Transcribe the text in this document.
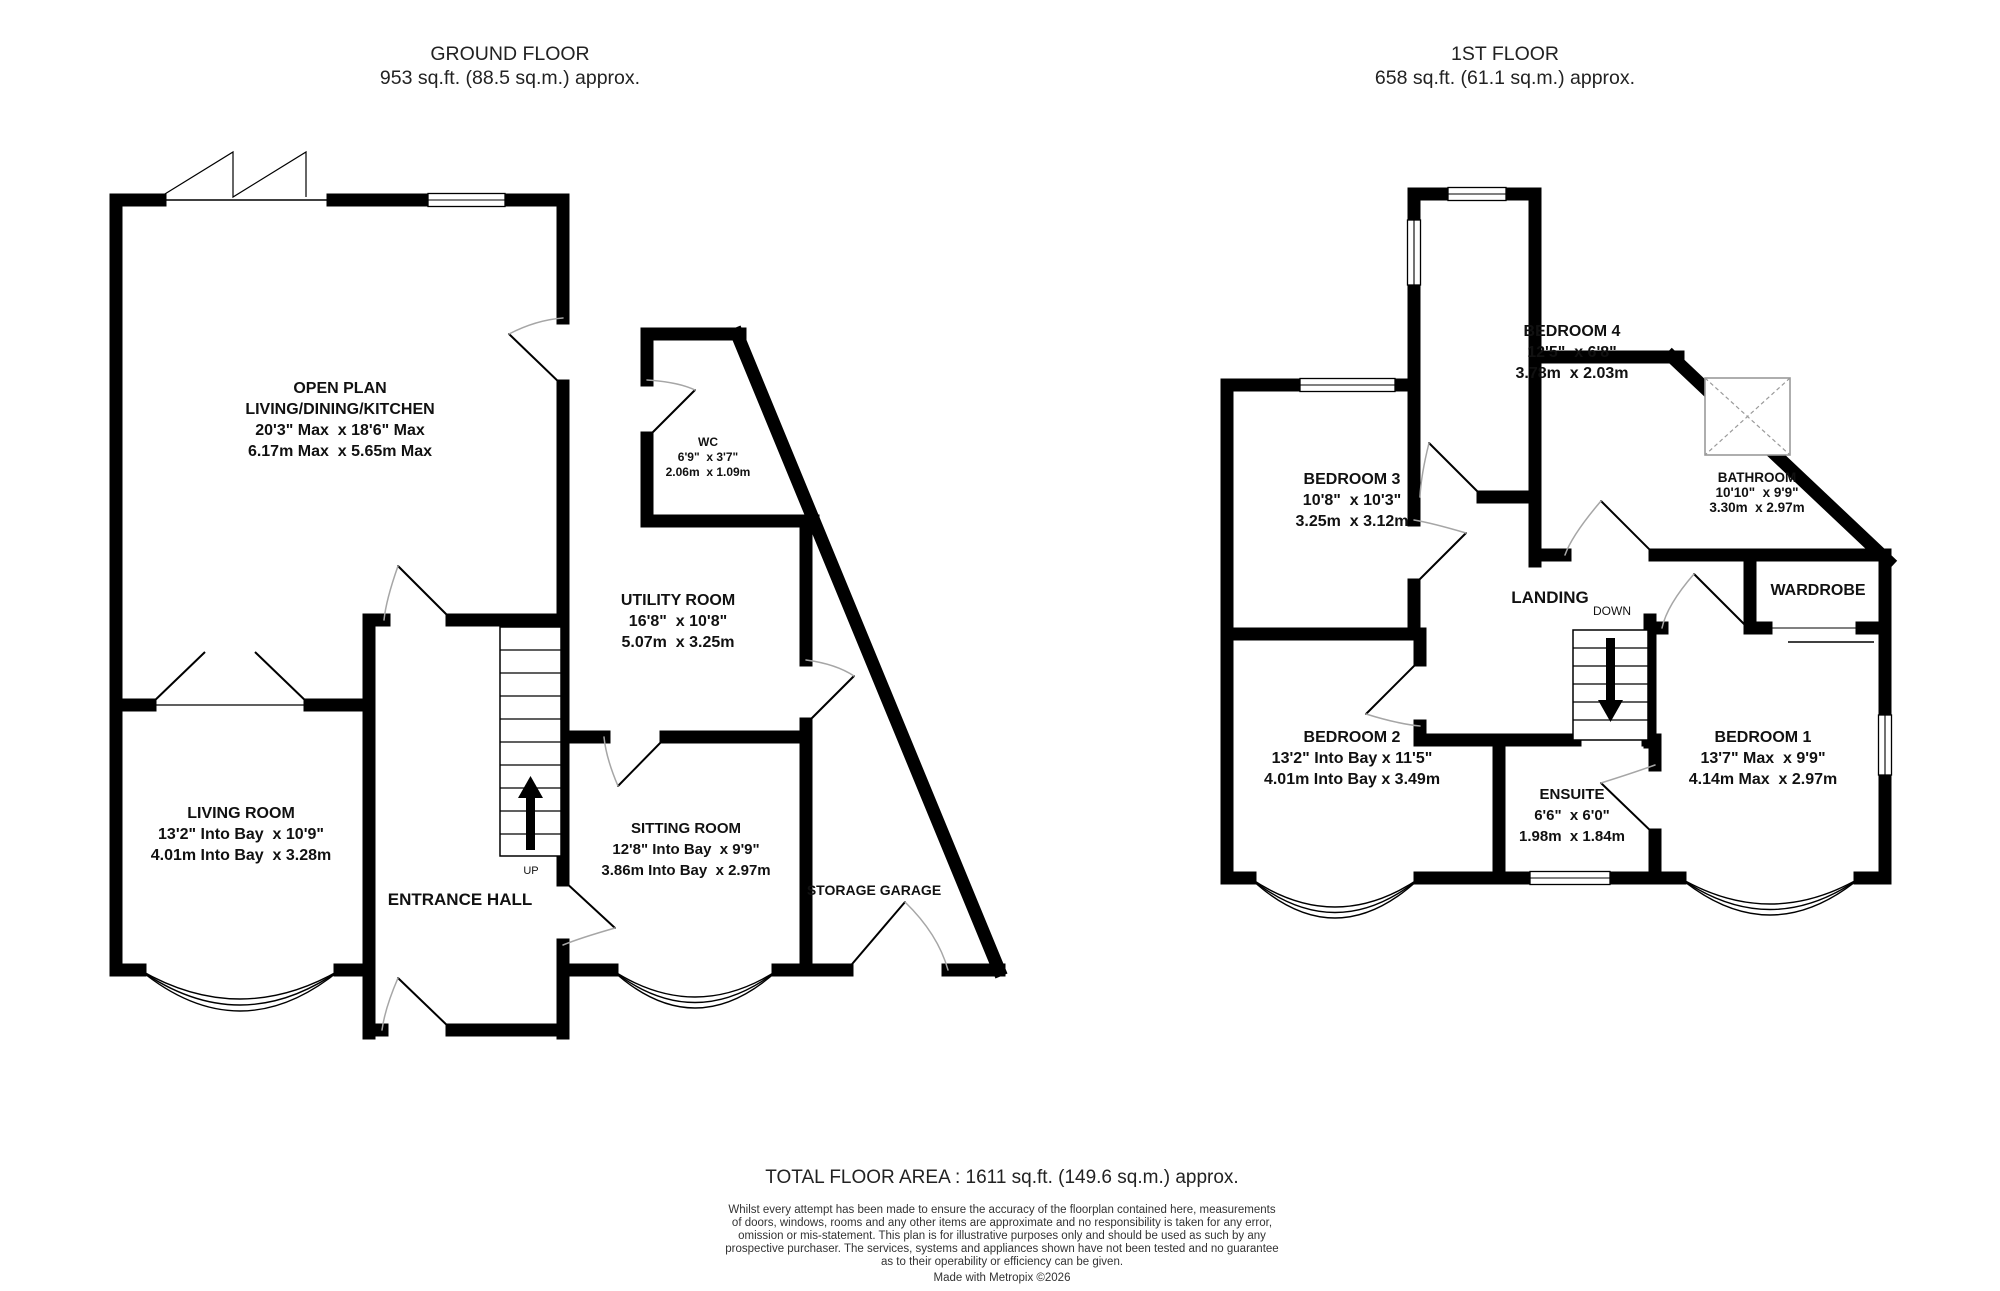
GROUND FLOOR
953 sq.ft. (88.5 sq.m.) approx.
1ST FLOOR
658 sq.ft. (61.1 sq.m.) approx.
OPEN PLAN
LIVING/DINING/KITCHEN
20'3" Max  x 18'6" Max
6.17m Max  x 5.65m Max
WC
6'9"  x 3'7"
2.06m  x 1.09m
UTILITY ROOM
16'8"  x 10'8"
5.07m  x 3.25m
LIVING ROOM
13'2" Into Bay  x 10'9"
4.01m Into Bay  x 3.28m
SITTING ROOM
12'8" Into Bay  x 9'9"
3.86m Into Bay  x 2.97m
ENTRANCE HALL
UP
STORAGE GARAGE
BEDROOM 4
12'5"  x 6'8"
3.78m  x 2.03m
BEDROOM 3
10'8"  x 10'3"
3.25m  x 3.12m
BATHROOM
10'10"  x 9'9"
3.30m  x 2.97m
LANDING
DOWN
WARDROBE
BEDROOM 2
13'2" Into Bay x 11'5"
4.01m Into Bay x 3.49m
ENSUITE
6'6"  x 6'0"
1.98m  x 1.84m
BEDROOM 1
13'7" Max  x 9'9"
4.14m Max  x 2.97m
TOTAL FLOOR AREA : 1611 sq.ft. (149.6 sq.m.) approx.
Whilst every attempt has been made to ensure the accuracy of the floorplan contained here, measurements
of doors, windows, rooms and any other items are approximate and no responsibility is taken for any error,
omission or mis-statement. This plan is for illustrative purposes only and should be used as such by any
prospective purchaser. The services, systems and appliances shown have not been tested and no guarantee
as to their operability or efficiency can be given.
Made with Metropix ©2026
